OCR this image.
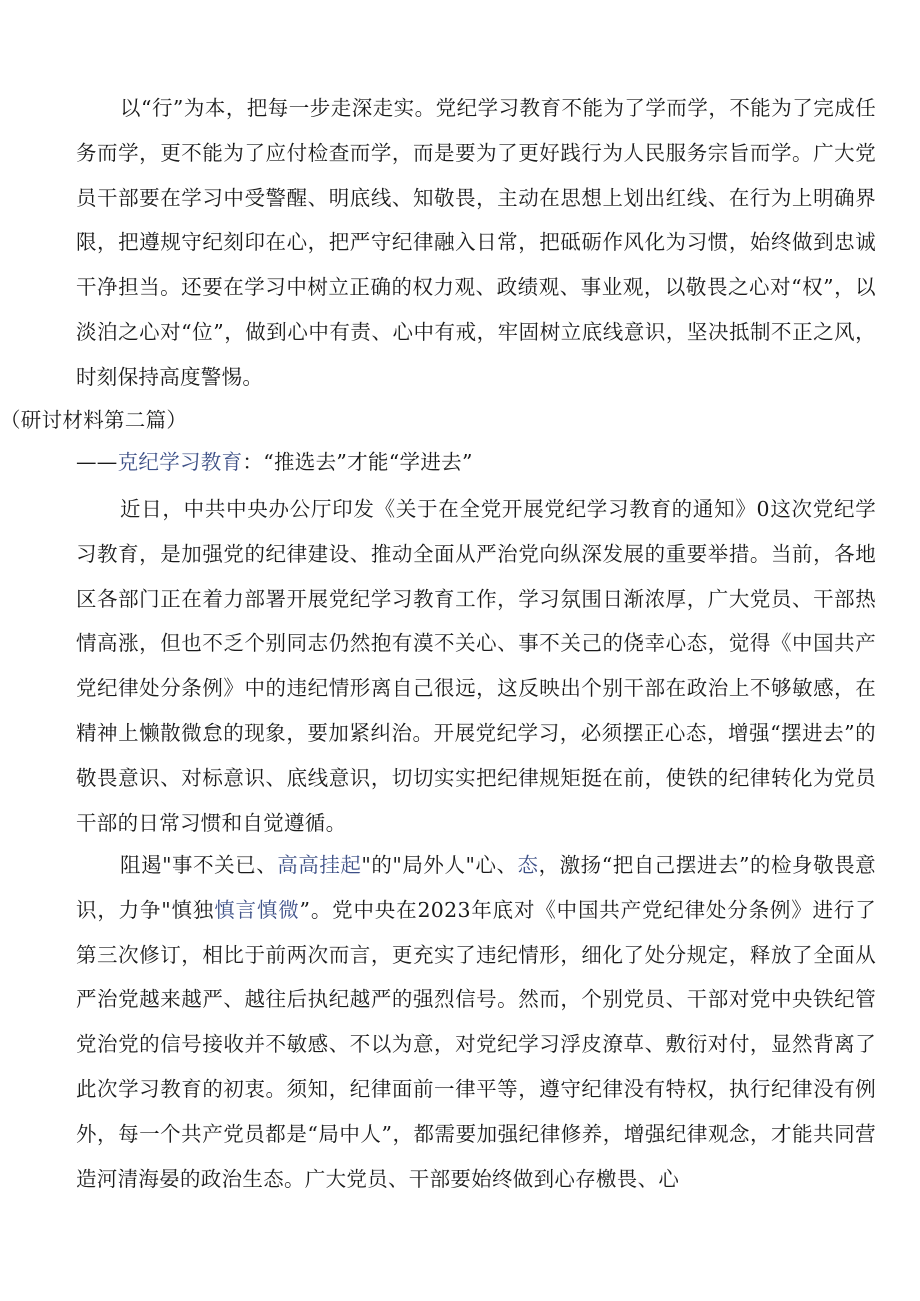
以“行”为本，把每一步走深走实。党纪学习教育不能为了学而学，不能为了完成任务而学，更不能为了应付检查而学，而是要为了更好践行为人民服务宗旨而学。广大党员干部要在学习中受警醒、明底线、知敬畏，主动在思想上划出红线、在行为上明确界限，把遵规守纪刻印在心，把严守纪律融入日常，把砥砺作风化为习惯，始终做到忠诚干净担当。还要在学习中树立正确的权力观、政绩观、事业观，以敬畏之心对“权”，以淡泊之心对“位”，做到心中有责、心中有戒，牢固树立底线意识，坚决抵制不正之风，时刻保持高度警惕。

（研讨材料第二篇）

——克纪学习教育：“推选去”才能“学进去”

近日，中共中央办公厅印发《关于在全党开展党纪学习教育的通知》0这次党纪学习教育，是加强党的纪律建设、推动全面从严治党向纵深发展的重要举措。当前，各地区各部门正在着力部署开展党纪学习教育工作，学习氛围日渐浓厚，广大党员、干部热情高涨，但也不乏个别同志仍然抱有漠不关心、事不关己的侥幸心态，觉得《中国共产党纪律处分条例》中的违纪情形离自己很远，这反映出个别干部在政治上不够敏感，在精神上懒散微怠的现象，要加紧纠治。开展党纪学习，必须摆正心态，增强“摆进去”的敬畏意识、对标意识、底线意识，切切实实把纪律规矩挺在前，使铁的纪律转化为党员干部的日常习惯和自觉遵循。

阻遏"事不关已、高高挂起"的"局外人"心、态，激扬“把自己摆进去”的检身敬畏意识，力争"慎独慎言慎微”。党中央在2023年底对《中国共产党纪律处分条例》进行了第三次修订，相比于前两次而言，更充实了违纪情形，细化了处分规定，释放了全面从严治党越来越严、越往后执纪越严的强烈信号。然而，个别党员、干部对党中央铁纪管党治党的信号接收并不敏感、不以为意，对党纪学习浮皮潦草、敷衍对付，显然背离了此次学习教育的初衷。须知，纪律面前一律平等，遵守纪律没有特权，执行纪律没有例外，每一个共产党员都是“局中人”，都需要加强纪律修养，增强纪律观念，才能共同营造河清海晏的政治生态。广大党员、干部要始终做到心存檄畏、心
